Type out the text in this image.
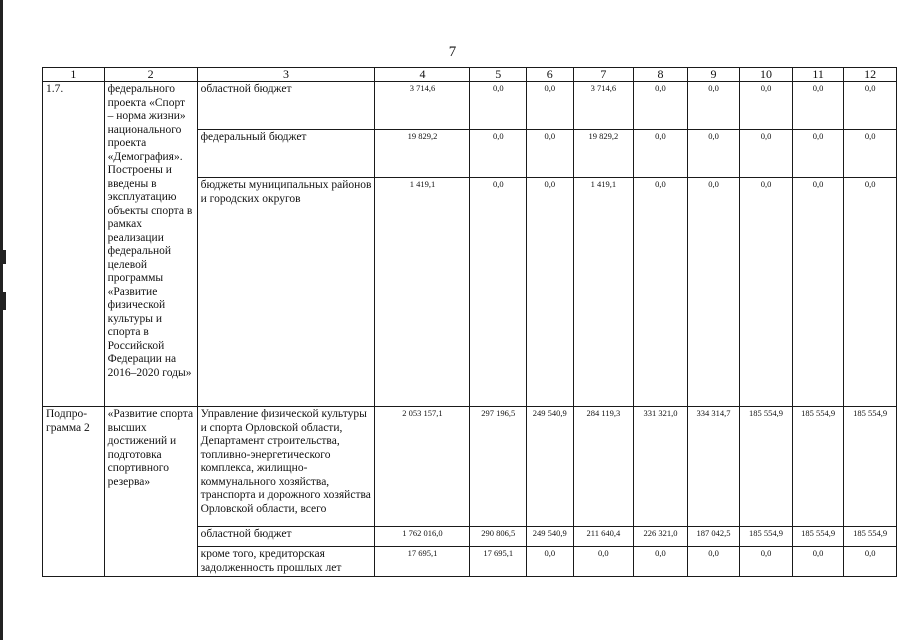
7
1	2	3	4	5	6	7	8	9	10	11	12
1.7.	федерального проекта «Спорт – норма жизни» национального проекта «Демография». Построены и введены в эксплуатацию объекты спорта в рамках реализации федеральной целевой программы «Развитие физической культуры и спорта в Российской Федерации на 2016–2020 годы»	областной бюджет	3 714,6	0,0	0,0	3 714,6	0,0	0,0	0,0	0,0	0,0
		федеральный бюджет	19 829,2	0,0	0,0	19 829,2	0,0	0,0	0,0	0,0	0,0
		бюджеты муниципальных районов и городских округов	1 419,1	0,0	0,0	1 419,1	0,0	0,0	0,0	0,0	0,0
Подпро-грамма 2	«Развитие спорта высших достижений и подготовка спортивного резерва»	Управление физической культуры и спорта Орловской области, Департамент строительства, топливно-энергетического комплекса, жилищно-коммунального хозяйства, транспорта и дорожного хозяйства Орловской области, всего	2 053 157,1	297 196,5	249 540,9	284 119,3	331 321,0	334 314,7	185 554,9	185 554,9	185 554,9
		областной бюджет	1 762 016,0	290 806,5	249 540,9	211 640,4	226 321,0	187 042,5	185 554,9	185 554,9	185 554,9
		кроме того, кредиторская задолженность прошлых лет	17 695,1	17 695,1	0,0	0,0	0,0	0,0	0,0	0,0	0,0
